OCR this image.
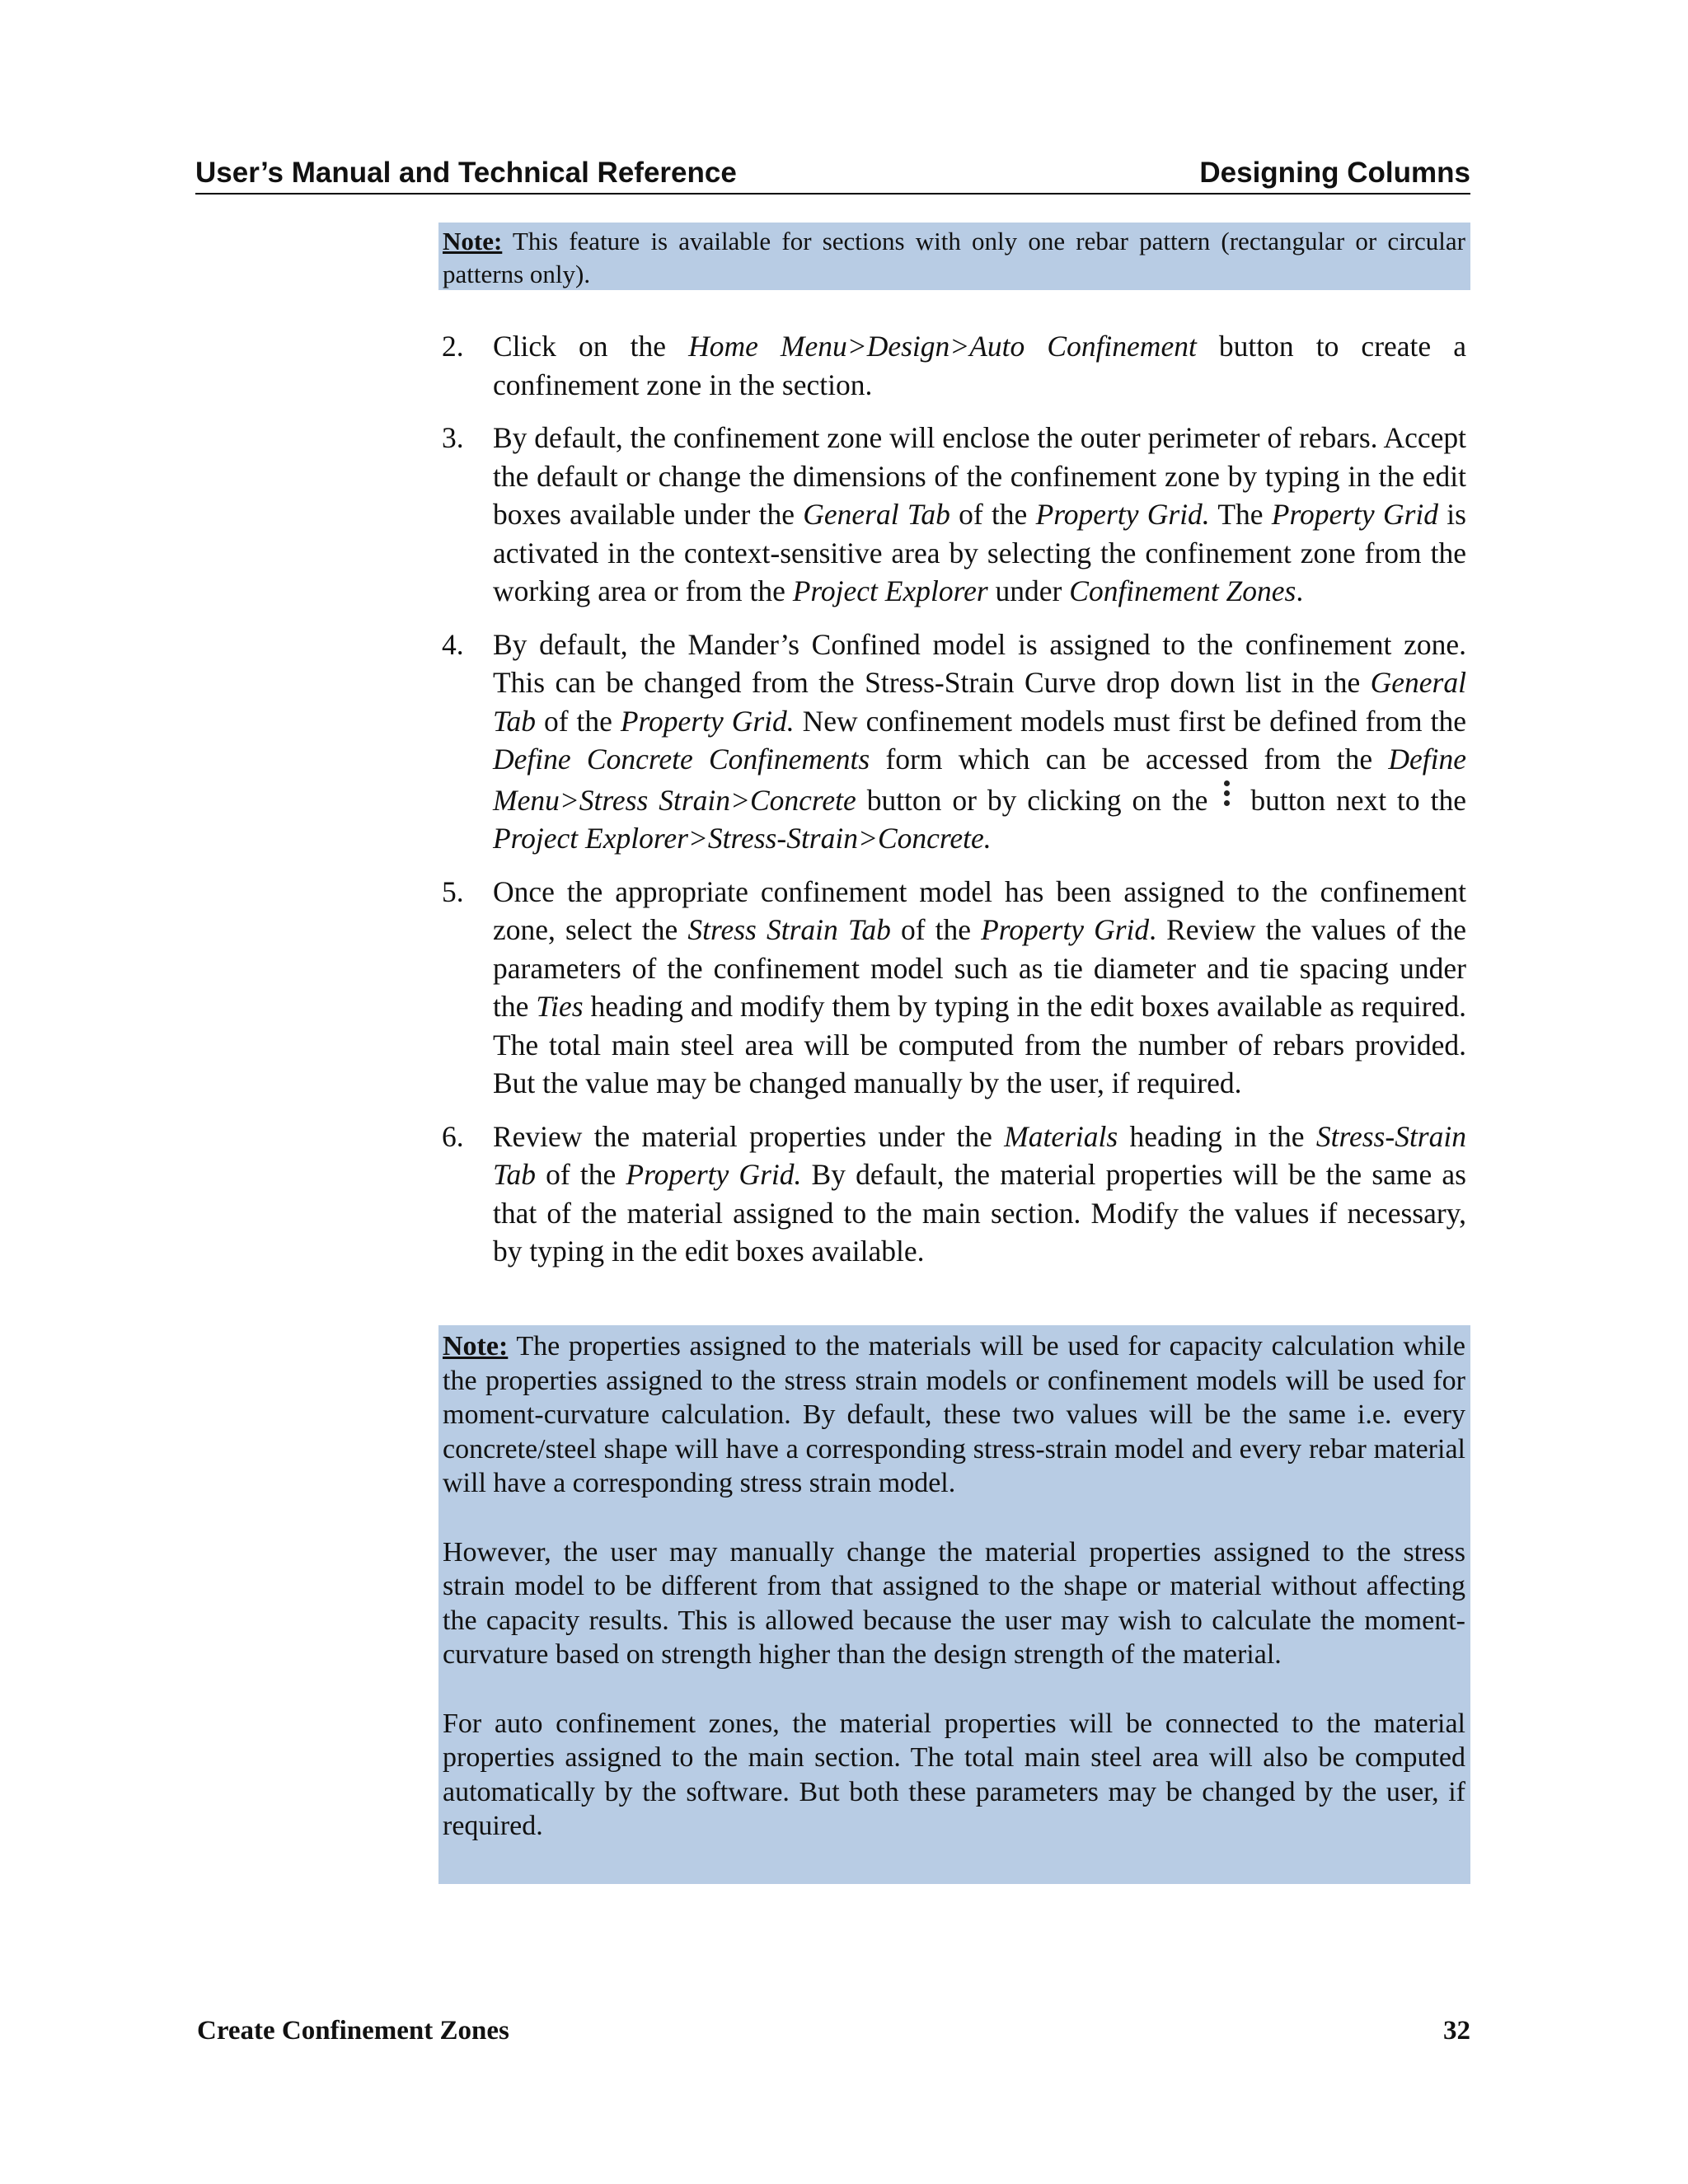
User’s Manual and Technical Reference	Designing Columns
Note: This feature is available for sections with only one rebar pattern (rectangular or circular patterns only).
2. Click on the Home Menu>Design>Auto Confinement button to create a confinement zone in the section.
3. By default, the confinement zone will enclose the outer perimeter of rebars. Accept the default or change the dimensions of the confinement zone by typing in the edit boxes available under the General Tab of the Property Grid. The Property Grid is activated in the context-sensitive area by selecting the confinement zone from the working area or from the Project Explorer under Confinement Zones.
4. By default, the Mander’s Confined model is assigned to the confinement zone. This can be changed from the Stress-Strain Curve drop down list in the General Tab of the Property Grid. New confinement models must first be defined from the Define Concrete Confinements form which can be accessed from the Define Menu>Stress Strain>Concrete button or by clicking on the button next to the Project Explorer>Stress-Strain>Concrete.
5. Once the appropriate confinement model has been assigned to the confinement zone, select the Stress Strain Tab of the Property Grid. Review the values of the parameters of the confinement model such as tie diameter and tie spacing under the Ties heading and modify them by typing in the edit boxes available as required. The total main steel area will be computed from the number of rebars provided. But the value may be changed manually by the user, if required.
6. Review the material properties under the Materials heading in the Stress-Strain Tab of the Property Grid. By default, the material properties will be the same as that of the material assigned to the main section. Modify the values if necessary, by typing in the edit boxes available.

Note: The properties assigned to the materials will be used for capacity calculation while the properties assigned to the stress strain models or confinement models will be used for moment-curvature calculation. By default, these two values will be the same i.e. every concrete/steel shape will have a corresponding stress-strain model and every rebar material will have a corresponding stress strain model.

However, the user may manually change the material properties assigned to the stress strain model to be different from that assigned to the shape or material without affecting the capacity results. This is allowed because the user may wish to calculate the moment-curvature based on strength higher than the design strength of the material.

For auto confinement zones, the material properties will be connected to the material properties assigned to the main section. The total main steel area will also be computed automatically by the software. But both these parameters may be changed by the user, if required.

Create Confinement Zones	32
